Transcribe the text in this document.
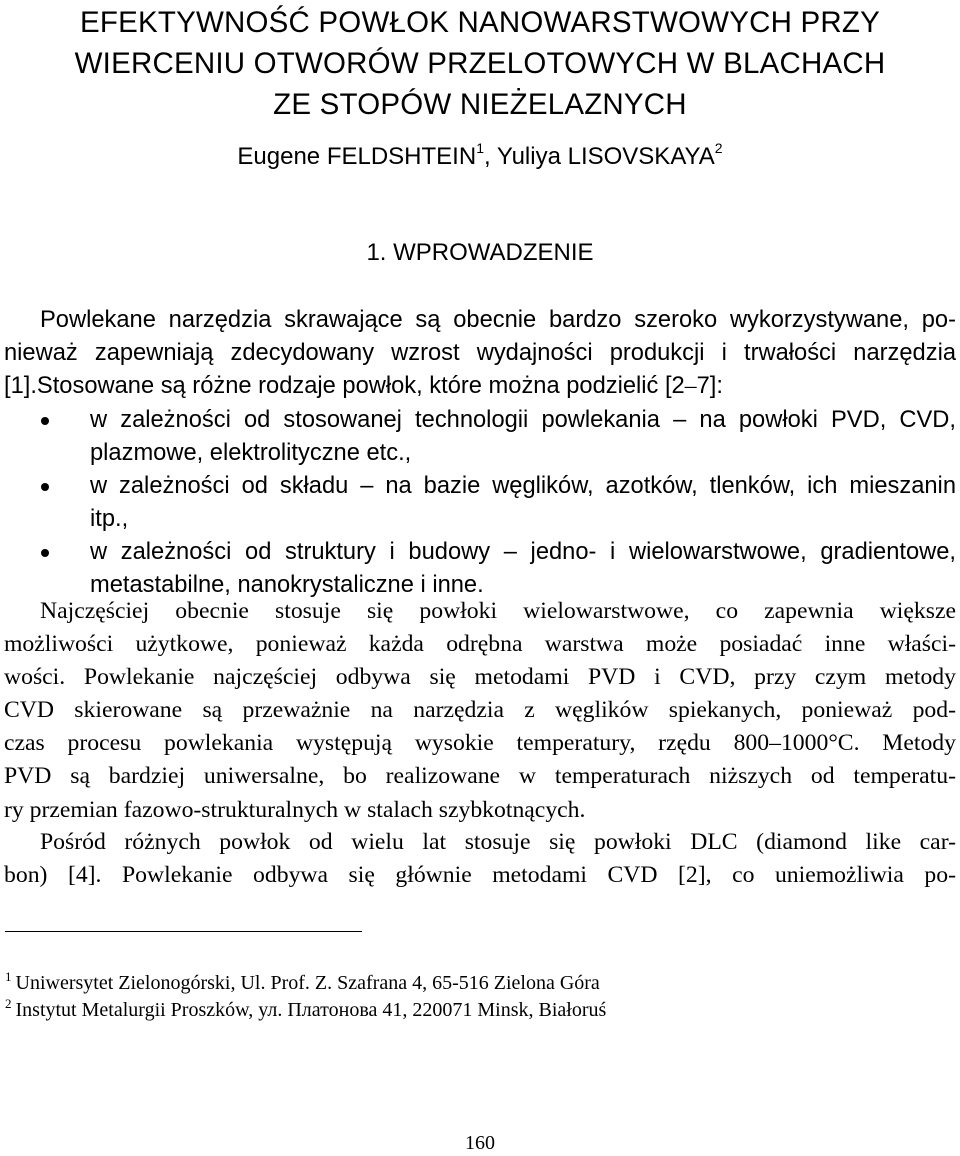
EFEKTYWNOŚĆ POWŁOK NANOWARSTWOWYCH PRZY
WIERCENIU OTWORÓW PRZELOTOWYCH W BLACHACH
ZE STOPÓW NIEŻELAZNYCH
Eugene FELDSHTEIN$^1$, Yuliya LISOVSKAYA$^2$
1. WPROWADZENIE
Powlekane narzędzia skrawające są obecnie bardzo szeroko wykorzystywane, po-
nieważ zapewniają zdecydowany wzrost wydajności produkcji i trwałości narzędzia
[1].Stosowane są różne rodzaje powłok, które można podzielić [2–7]:
w zależności od stosowanej technologii powlekania – na powłoki PVD, CVD,
plazmowe, elektrolityczne etc.,
w zależności od składu – na bazie węglików, azotków, tlenków, ich mieszanin
itp.,
w zależności od struktury i budowy – jedno- i wielowarstwowe, gradientowe,
metastabilne, nanokrystaliczne i inne.
Najczęściej obecnie stosuje się powłoki wielowarstwowe, co zapewnia większe
możliwości użytkowe, ponieważ każda odrębna warstwa może posiadać inne właści-
wości. Powlekanie najczęściej odbywa się metodami PVD i CVD, przy czym metody
CVD skierowane są przeważnie na narzędzia z węglików spiekanych, ponieważ pod-
czas procesu powlekania występują wysokie temperatury, rzędu 800–1000°C. Metody
PVD są bardziej uniwersalne, bo realizowane w temperaturach niższych od temperatu-
ry przemian fazowo-strukturalnych w stalach szybkotnących.
Pośród różnych powłok od wielu lat stosuje się powłoki DLC (diamond like car-
bon) [4]. Powlekanie odbywa się głównie metodami CVD [2], co uniemożliwia po-
$^1$ Uniwersytet Zielonogórski, Ul. Prof. Z. Szafrana 4, 65-516 Zielona Góra
$^2$ Instytut Metalurgii Proszków, ул. Платонова 41, 220071 Minsk, Białoruś
160
